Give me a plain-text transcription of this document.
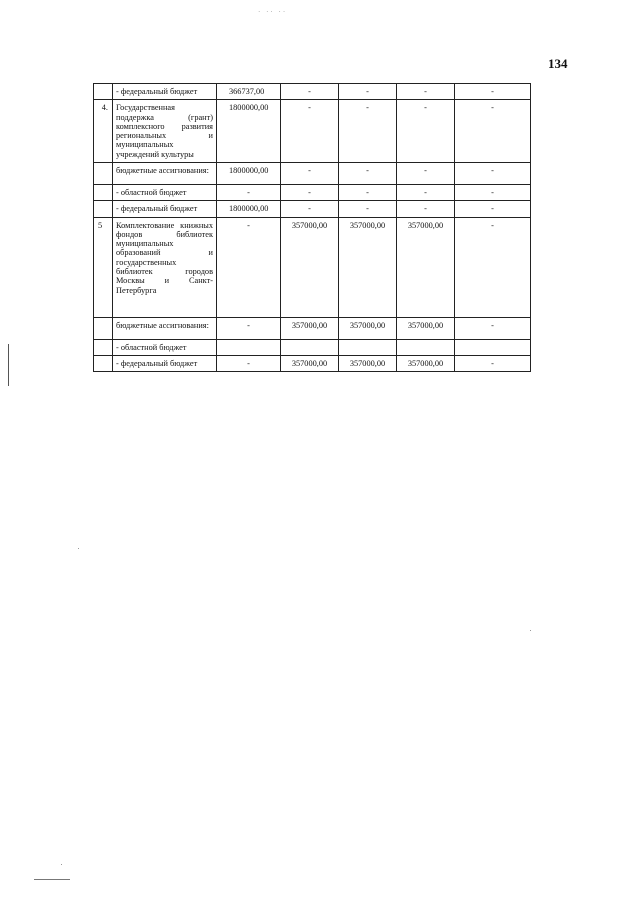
· ·· ··
134
	- федеральный бюджет	366737,00	-	-	-	-
4.	Государственная поддержка (грант) комплексного развития региональных и муниципальных учреждений культуры	1800000,00	-	-	-	-
	бюджетные ассигнования:	1800000,00	-	-	-	-
	- областной бюджет	-	-	-	-	-
	- федеральный бюджет	1800000,00	-	-	-	-
5	Комплектование книжных фондов библиотек муниципальных образований и государственных библиотек городов Москвы и Санкт-Петербурга	-	357000,00	357000,00	357000,00	-
	бюджетные ассигнования:	-	357000,00	357000,00	357000,00	-
	- областной бюджет					
	- федеральный бюджет	-	357000,00	357000,00	357000,00	-
